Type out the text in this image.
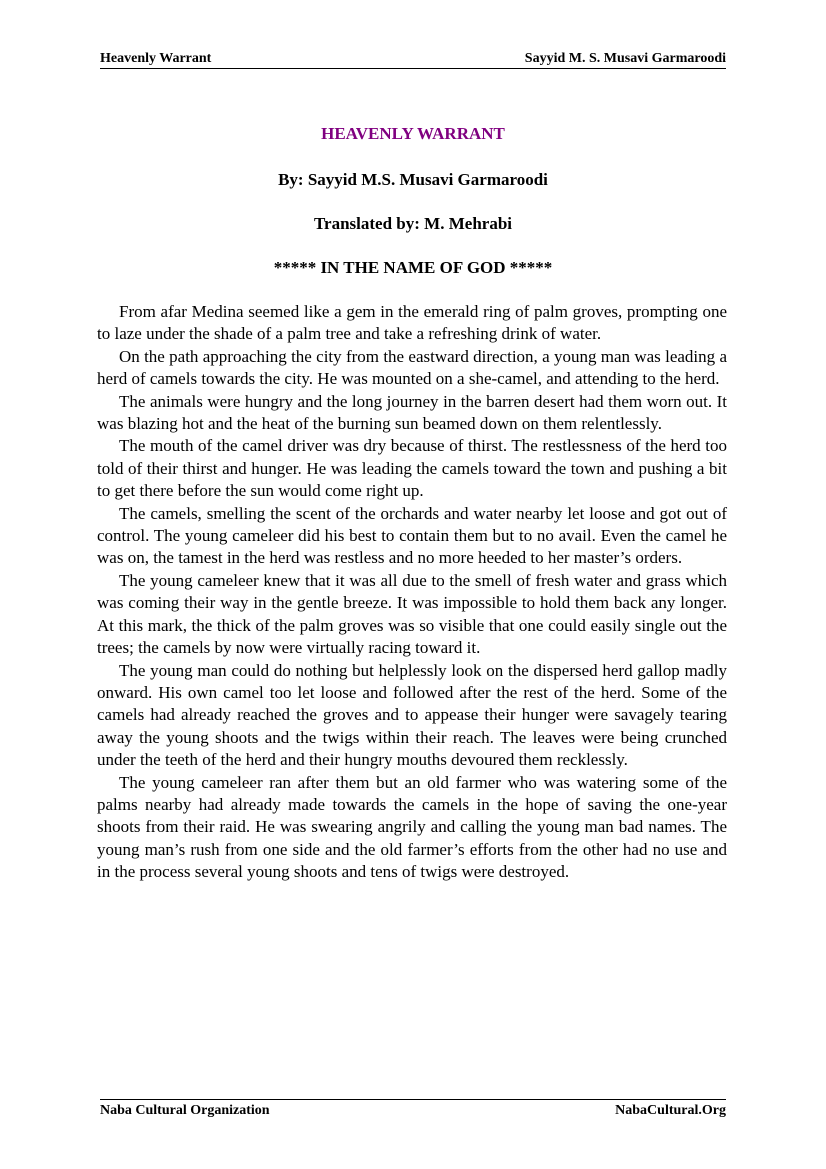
Heavenly Warrant	Sayyid M. S. Musavi Garmaroodi
HEAVENLY WARRANT
By: Sayyid M.S. Musavi Garmaroodi
Translated by: M. Mehrabi
***** IN THE NAME OF GOD *****

From afar Medina seemed like a gem in the emerald ring of palm groves, prompting one to laze under the shade of a palm tree and take a refreshing drink of water.

On the path approaching the city from the eastward direction, a young man was leading a herd of camels towards the city. He was mounted on a she-camel, and attending to the herd.

The animals were hungry and the long journey in the barren desert had them worn out. It was blazing hot and the heat of the burning sun beamed down on them relentlessly.

The mouth of the camel driver was dry because of thirst. The restlessness of the herd too told of their thirst and hunger. He was leading the camels toward the town and pushing a bit to get there before the sun would come right up.

The camels, smelling the scent of the orchards and water nearby let loose and got out of control. The young cameleer did his best to contain them but to no avail. Even the camel he was on, the tamest in the herd was restless and no more heeded to her master’s orders.

The young cameleer knew that it was all due to the smell of fresh water and grass which was coming their way in the gentle breeze. It was impossible to hold them back any longer. At this mark, the thick of the palm groves was so visible that one could easily single out the trees; the camels by now were virtually racing toward it.

The young man could do nothing but helplessly look on the dispersed herd gallop madly onward. His own camel too let loose and followed after the rest of the herd. Some of the camels had already reached the groves and to appease their hunger were savagely tearing away the young shoots and the twigs within their reach. The leaves were being crunched under the teeth of the herd and their hungry mouths devoured them recklessly.

The young cameleer ran after them but an old farmer who was watering some of the palms nearby had already made towards the camels in the hope of saving the one-year shoots from their raid. He was swearing angrily and calling the young man bad names. The young man’s rush from one side and the old farmer’s efforts from the other had no use and in the process several young shoots and tens of twigs were destroyed.

Naba Cultural Organization	NabaCultural.Org
